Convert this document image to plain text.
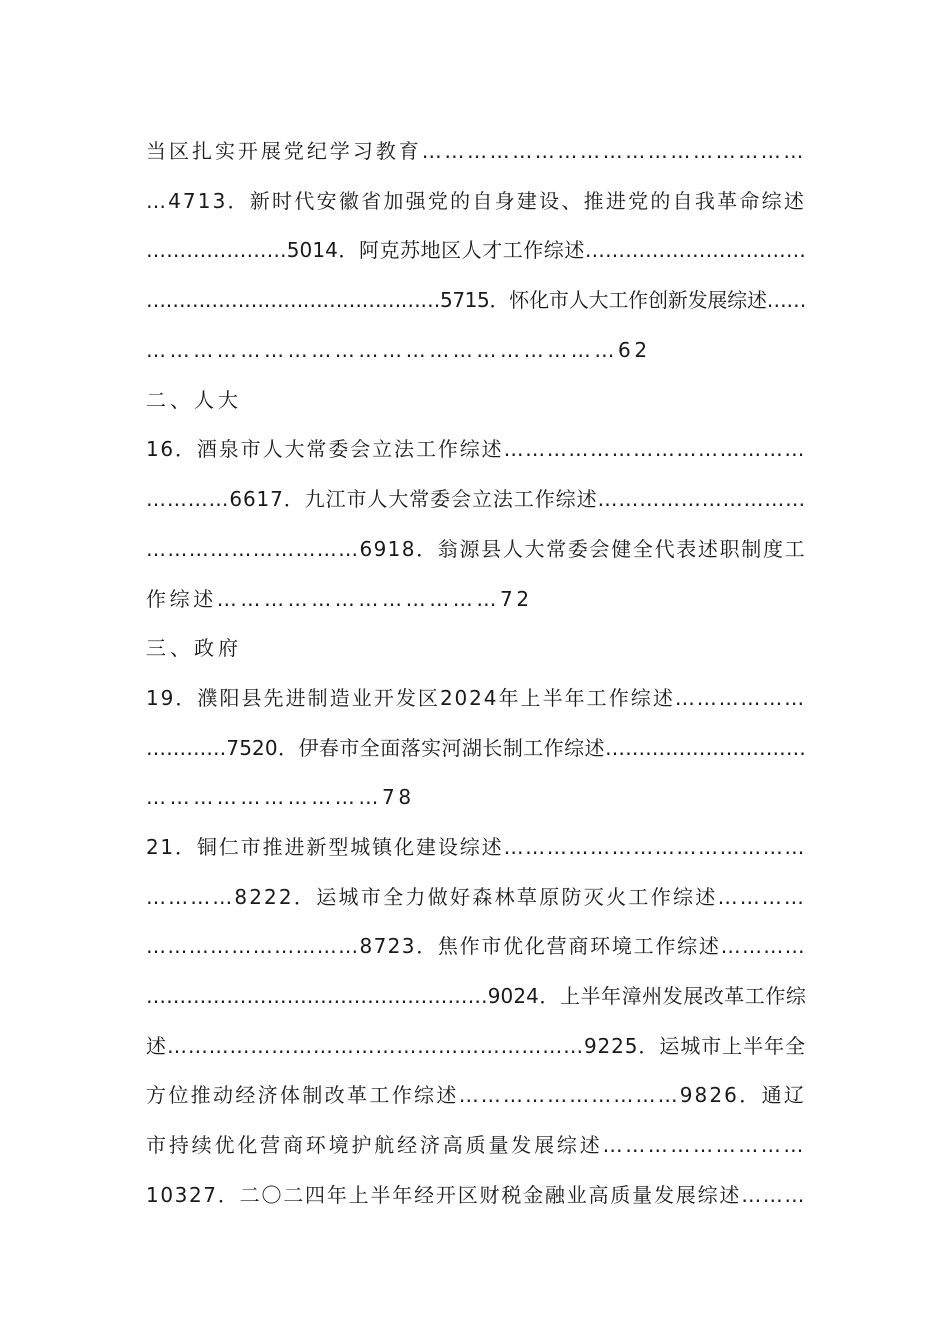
当区扎实开展党纪学习教育……………………………………………
…4713．新时代安徽省加强党的自身建设、推进党的自我革命综述
…………………5014．阿克苏地区人才工作综述……………………………
………………………………………5715．怀化市人大工作创新发展综述……
……………………………………………………62
二、人大
16．酒泉市人大常委会立法工作综述……………………………………
…………6617．九江市人大常委会立法工作综述…………………………
…………………………6918．翁源县人大常委会健全代表述职制度工
作综述………………………………72
三、政府
19．濮阳县先进制造业开发区2024年上半年工作综述………………
…………7520．伊春市全面落实河湖长制工作综述…………………………
…………………………78
21．铜仁市推进新型城镇化建设综述……………………………………
…………8222．运城市全力做好森林草原防灭火工作综述…………
…………………………8723．焦作市优化营商环境工作综述…………
……………………………………………9024．上半年漳州发展改革工作综
述……………………………………………………9225．运城市上半年全
方位推动经济体制改革工作综述…………………………9826．通辽
市持续优化营商环境护航经济高质量发展综述………………………
10327．二〇二四年上半年经开区财税金融业高质量发展综述………
